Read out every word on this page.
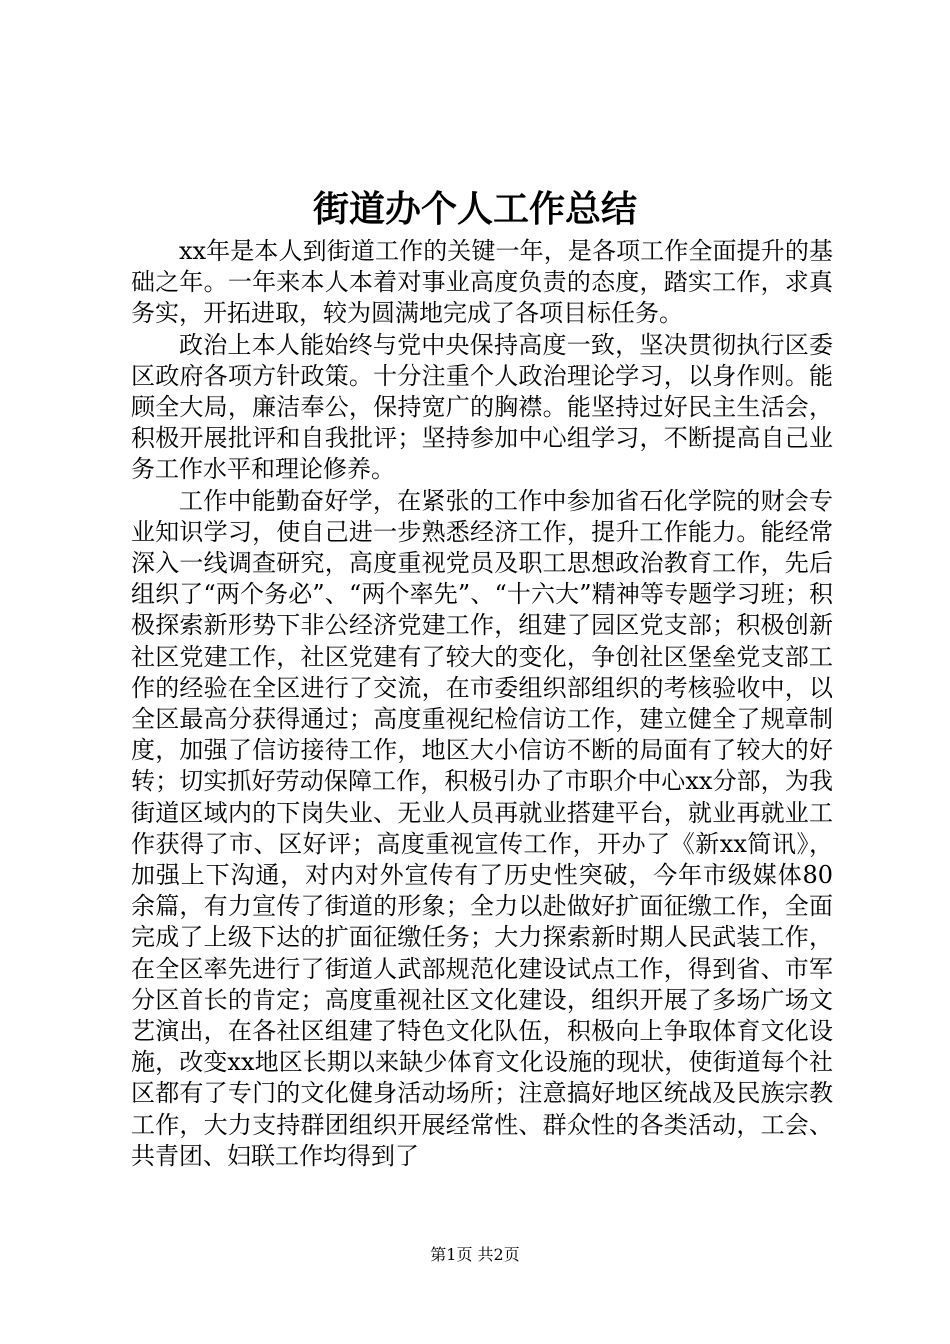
街道办个人工作总结

xx年是本人到街道工作的关键一年，是各项工作全面提升的基础之年。一年来本人本着对事业高度负责的态度，踏实工作，求真务实，开拓进取，较为圆满地完成了各项目标任务。

政治上本人能始终与党中央保持高度一致，坚决贯彻执行区委区政府各项方针政策。十分注重个人政治理论学习，以身作则。能顾全大局，廉洁奉公，保持宽广的胸襟。能坚持过好民主生活会，积极开展批评和自我批评；坚持参加中心组学习，不断提高自己业务工作水平和理论修养。

工作中能勤奋好学，在紧张的工作中参加省石化学院的财会专业知识学习，使自己进一步熟悉经济工作，提升工作能力。能经常深入一线调查研究，高度重视党员及职工思想政治教育工作，先后组织了“两个务必”、“两个率先”、“十六大”精神等专题学习班；积极探索新形势下非公经济党建工作，组建了园区党支部；积极创新社区党建工作，社区党建有了较大的变化，争创社区堡垒党支部工作的经验在全区进行了交流，在市委组织部组织的考核验收中，以全区最高分获得通过；高度重视纪检信访工作，建立健全了规章制度，加强了信访接待工作，地区大小信访不断的局面有了较大的好转；切实抓好劳动保障工作，积极引办了市职介中心xx分部，为我街道区域内的下岗失业、无业人员再就业搭建平台，就业再就业工作获得了市、区好评；高度重视宣传工作，开办了《新xx简讯》，加强上下沟通，对内对外宣传有了历史性突破，今年市级媒体80余篇，有力宣传了街道的形象；全力以赴做好扩面征缴工作，全面完成了上级下达的扩面征缴任务；大力探索新时期人民武装工作，在全区率先进行了街道人武部规范化建设试点工作，得到省、市军分区首长的肯定；高度重视社区文化建设，组织开展了多场广场文艺演出，在各社区组建了特色文化队伍，积极向上争取体育文化设施，改变xx地区长期以来缺少体育文化设施的现状，使街道每个社区都有了专门的文化健身活动场所；注意搞好地区统战及民族宗教工作，大力支持群团组织开展经常性、群众性的各类活动，工会、共青团、妇联工作均得到了

第1页 共2页
